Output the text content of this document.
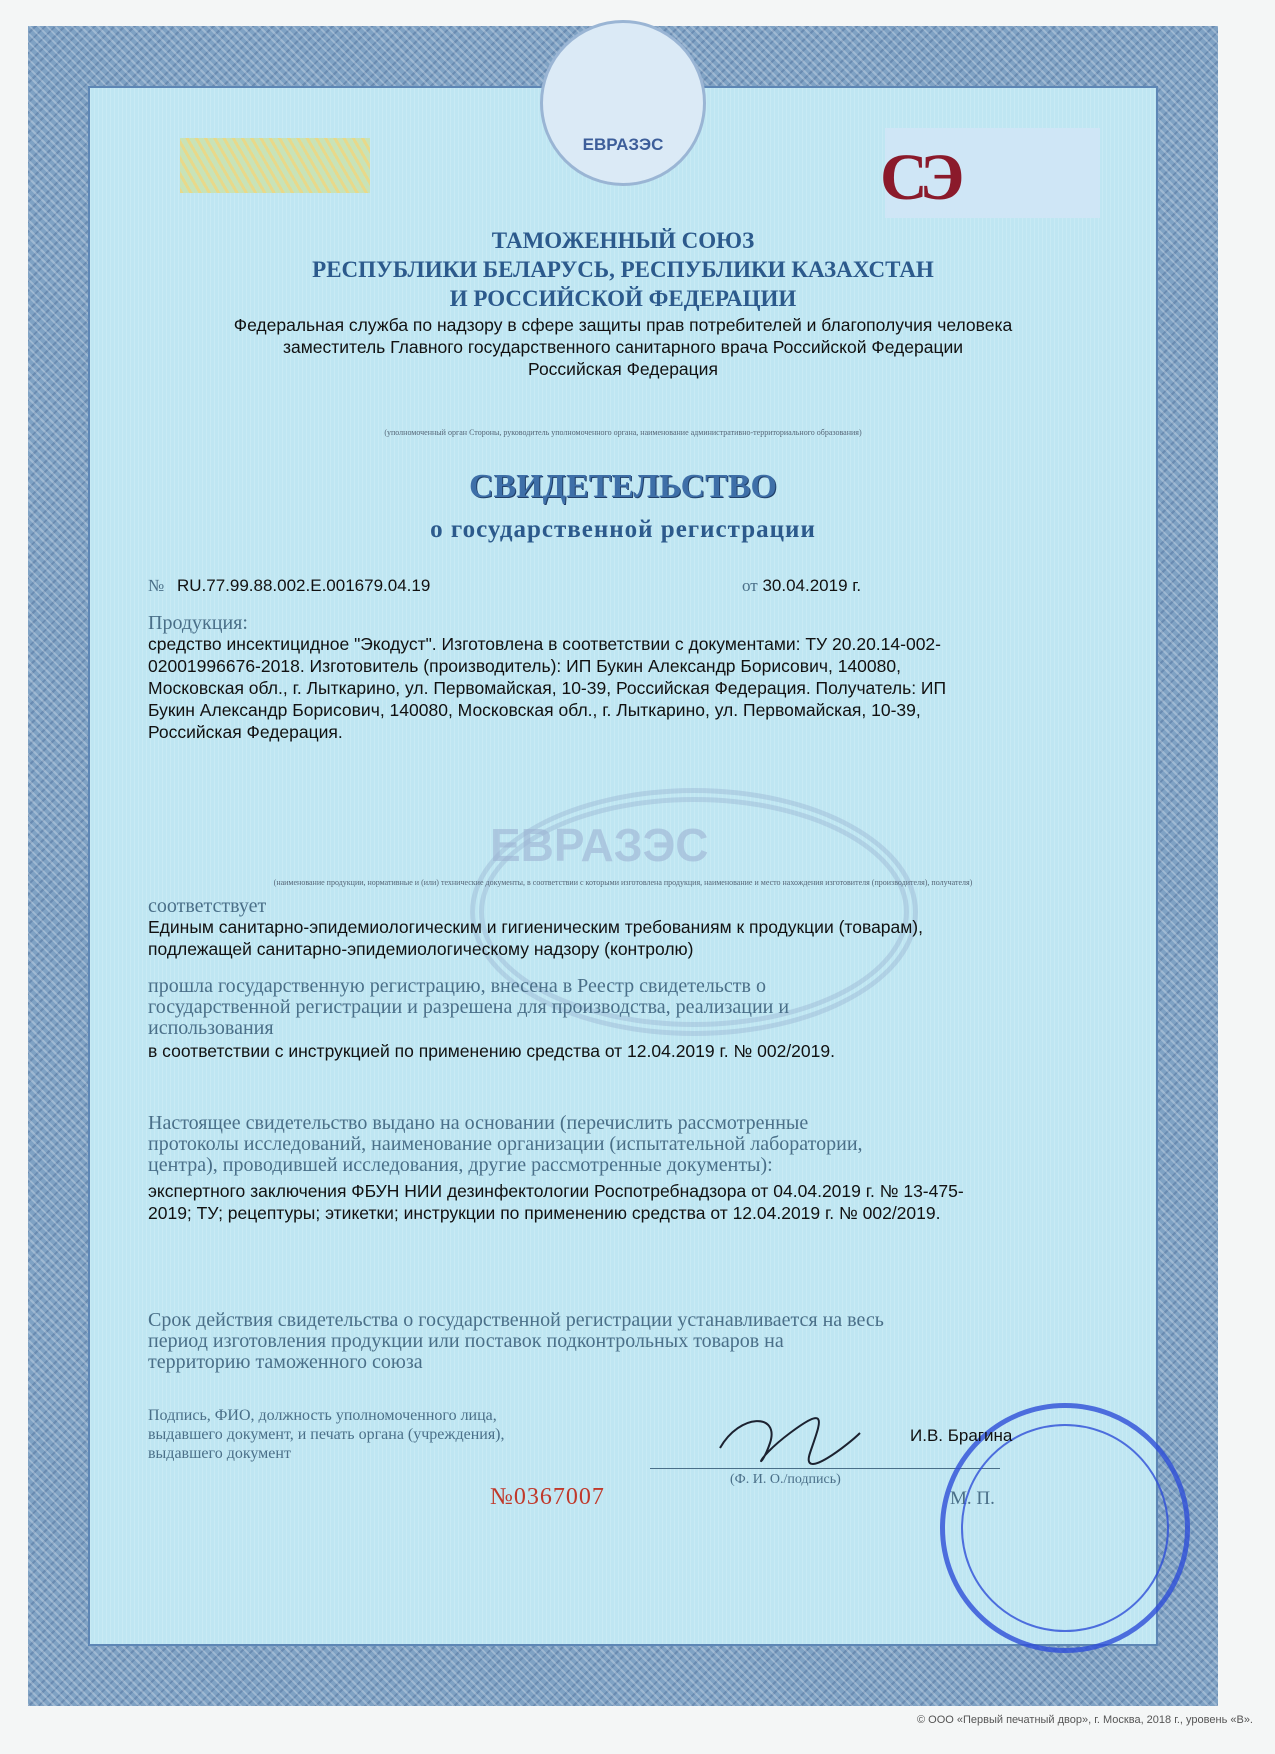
СЭ
ТАМОЖЕННЫЙ СОЮЗ
РЕСПУБЛИКИ БЕЛАРУСЬ, РЕСПУБЛИКИ КАЗАХСТАН
И РОССИЙСКОЙ ФЕДЕРАЦИИ
Федеральная служба по надзору в сфере защиты прав потребителей и благополучия человека
заместитель Главного государственного санитарного врача Российской Федерации
Российская Федерация
(уполномоченный орган Стороны, руководитель уполномоченного органа, наименование административно-территориального образования)
СВИДЕТЕЛЬСТВО
о государственной регистрации
№ RU.77.99.88.002.Е.001679.04.19	от 30.04.2019 г.
Продукция:
средство инсектицидное "Экодуст". Изготовлена в соответствии с документами: ТУ 20.20.14-002-
02001996676-2018. Изготовитель (производитель): ИП Букин Александр Борисович, 140080,
Московская обл., г. Лыткарино, ул. Первомайская, 10-39, Российская Федерация. Получатель: ИП
Букин Александр Борисович, 140080, Московская обл., г. Лыткарино, ул. Первомайская, 10-39,
Российская Федерация.
ЕВРАЗЭС
(наименование продукции, нормативные и (или) технические документы, в соответствии с которыми изготовлена продукция, наименование и место нахождения изготовителя (производителя), получателя)
соответствует
Единым санитарно-эпидемиологическим и гигиеническим требованиям к продукции (товарам),
подлежащей санитарно-эпидемиологическому надзору (контролю)
прошла государственную регистрацию, внесена в Реестр свидетельств о
государственной регистрации и разрешена для производства, реализации и
использования
в соответствии с инструкцией по применению средства от 12.04.2019 г. № 002/2019.
Настоящее свидетельство выдано на основании (перечислить рассмотренные
протоколы исследований, наименование организации (испытательной лаборатории,
центра), проводившей исследования, другие рассмотренные документы):
экспертного заключения ФБУН НИИ дезинфектологии Роспотребнадзора от 04.04.2019 г. № 13-475-
2019; ТУ; рецептуры; этикетки; инструкции по применению средства от 12.04.2019 г. № 002/2019.
Срок действия свидетельства о государственной регистрации устанавливается на весь
период изготовления продукции или поставок подконтрольных товаров на
территорию таможенного союза
Подпись, ФИО, должность уполномоченного лица,
выдавшего документ, и печать органа (учреждения),
выдавшего документ
(Ф. И. О./подпись)
М. П.
И.В. Брагина
№0367007
ЕВРАЗЭС
© ООО «Первый печатный двор», г. Москва, 2018 г., уровень «В».
